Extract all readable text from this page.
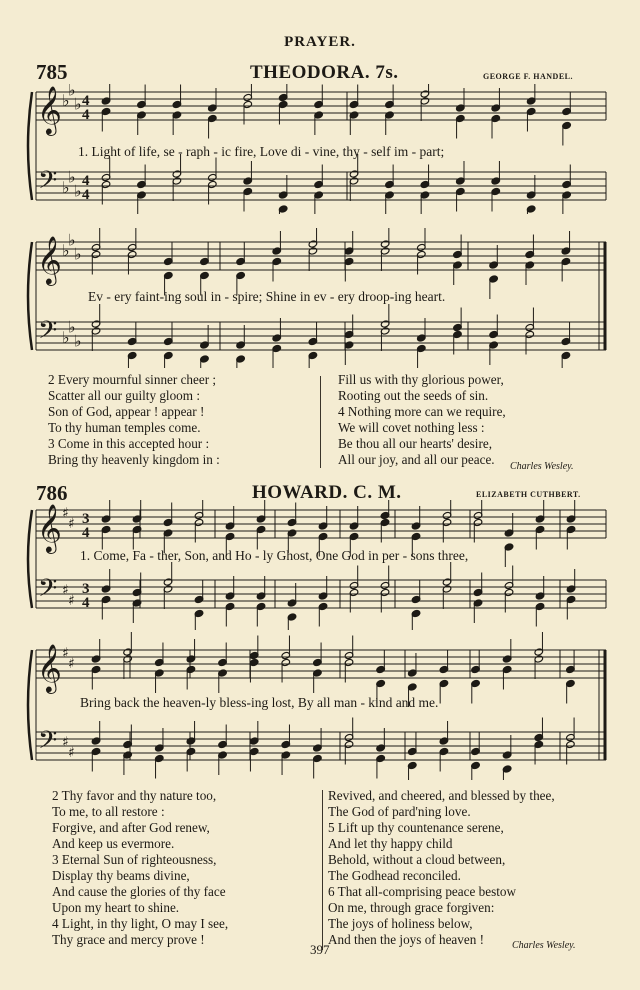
PRAYER.
785	THEODORA. 7s.	GEORGE F. HANDEL.
𝄞
𝄢
♭
♭
♭
♭
♭
♭
4
4
4
4
1. Light of life, se - raph - ic fire, Love di - vine, thy - self im - part;
𝄞
𝄢
♭
♭
♭
♭
♭
♭
Ev - ery faint-ing soul in - spire; Shine in ev - ery droop-ing heart.
2 Every mournful sinner cheer ;
Scatter all our guilty gloom :
Son of God, appear ! appear !
To thy human temples come.
3 Come in this accepted hour :
Bring thy heavenly kingdom in :
Fill us with thy glorious power,
Rooting out the seeds of sin.
4 Nothing more can we require,
We will covet nothing less :
Be thou all our hearts' desire,
All our joy, and all our peace.	Charles Wesley.
786	HOWARD. C. M.	ELIZABETH CUTHBERT.
𝄞
𝄢
♯
♯
♯
♯
3
4
3
4
1. Come, Fa - ther, Son, and Ho - ly Ghost, One God in per - sons three,
𝄞
𝄢
♯
♯
♯
♯
Bring back the heaven-ly bless-ing lost, By all man - kind and me.
2 Thy favor and thy nature too,
To me, to all restore :
Forgive, and after God renew,
And keep us evermore.
3 Eternal Sun of righteousness,
Display thy beams divine,
And cause the glories of thy face
Upon my heart to shine.
4 Light, in thy light, O may I see,
Thy grace and mercy prove !
Revived, and cheered, and blessed by thee,
The God of pard'ning love.
5 Lift up thy countenance serene,
And let thy happy child
Behold, without a cloud between,
The Godhead reconciled.
6 That all-comprising peace bestow
On me, through grace forgiven:
The joys of holiness below,
And then the joys of heaven !	Charles Wesley.
397
